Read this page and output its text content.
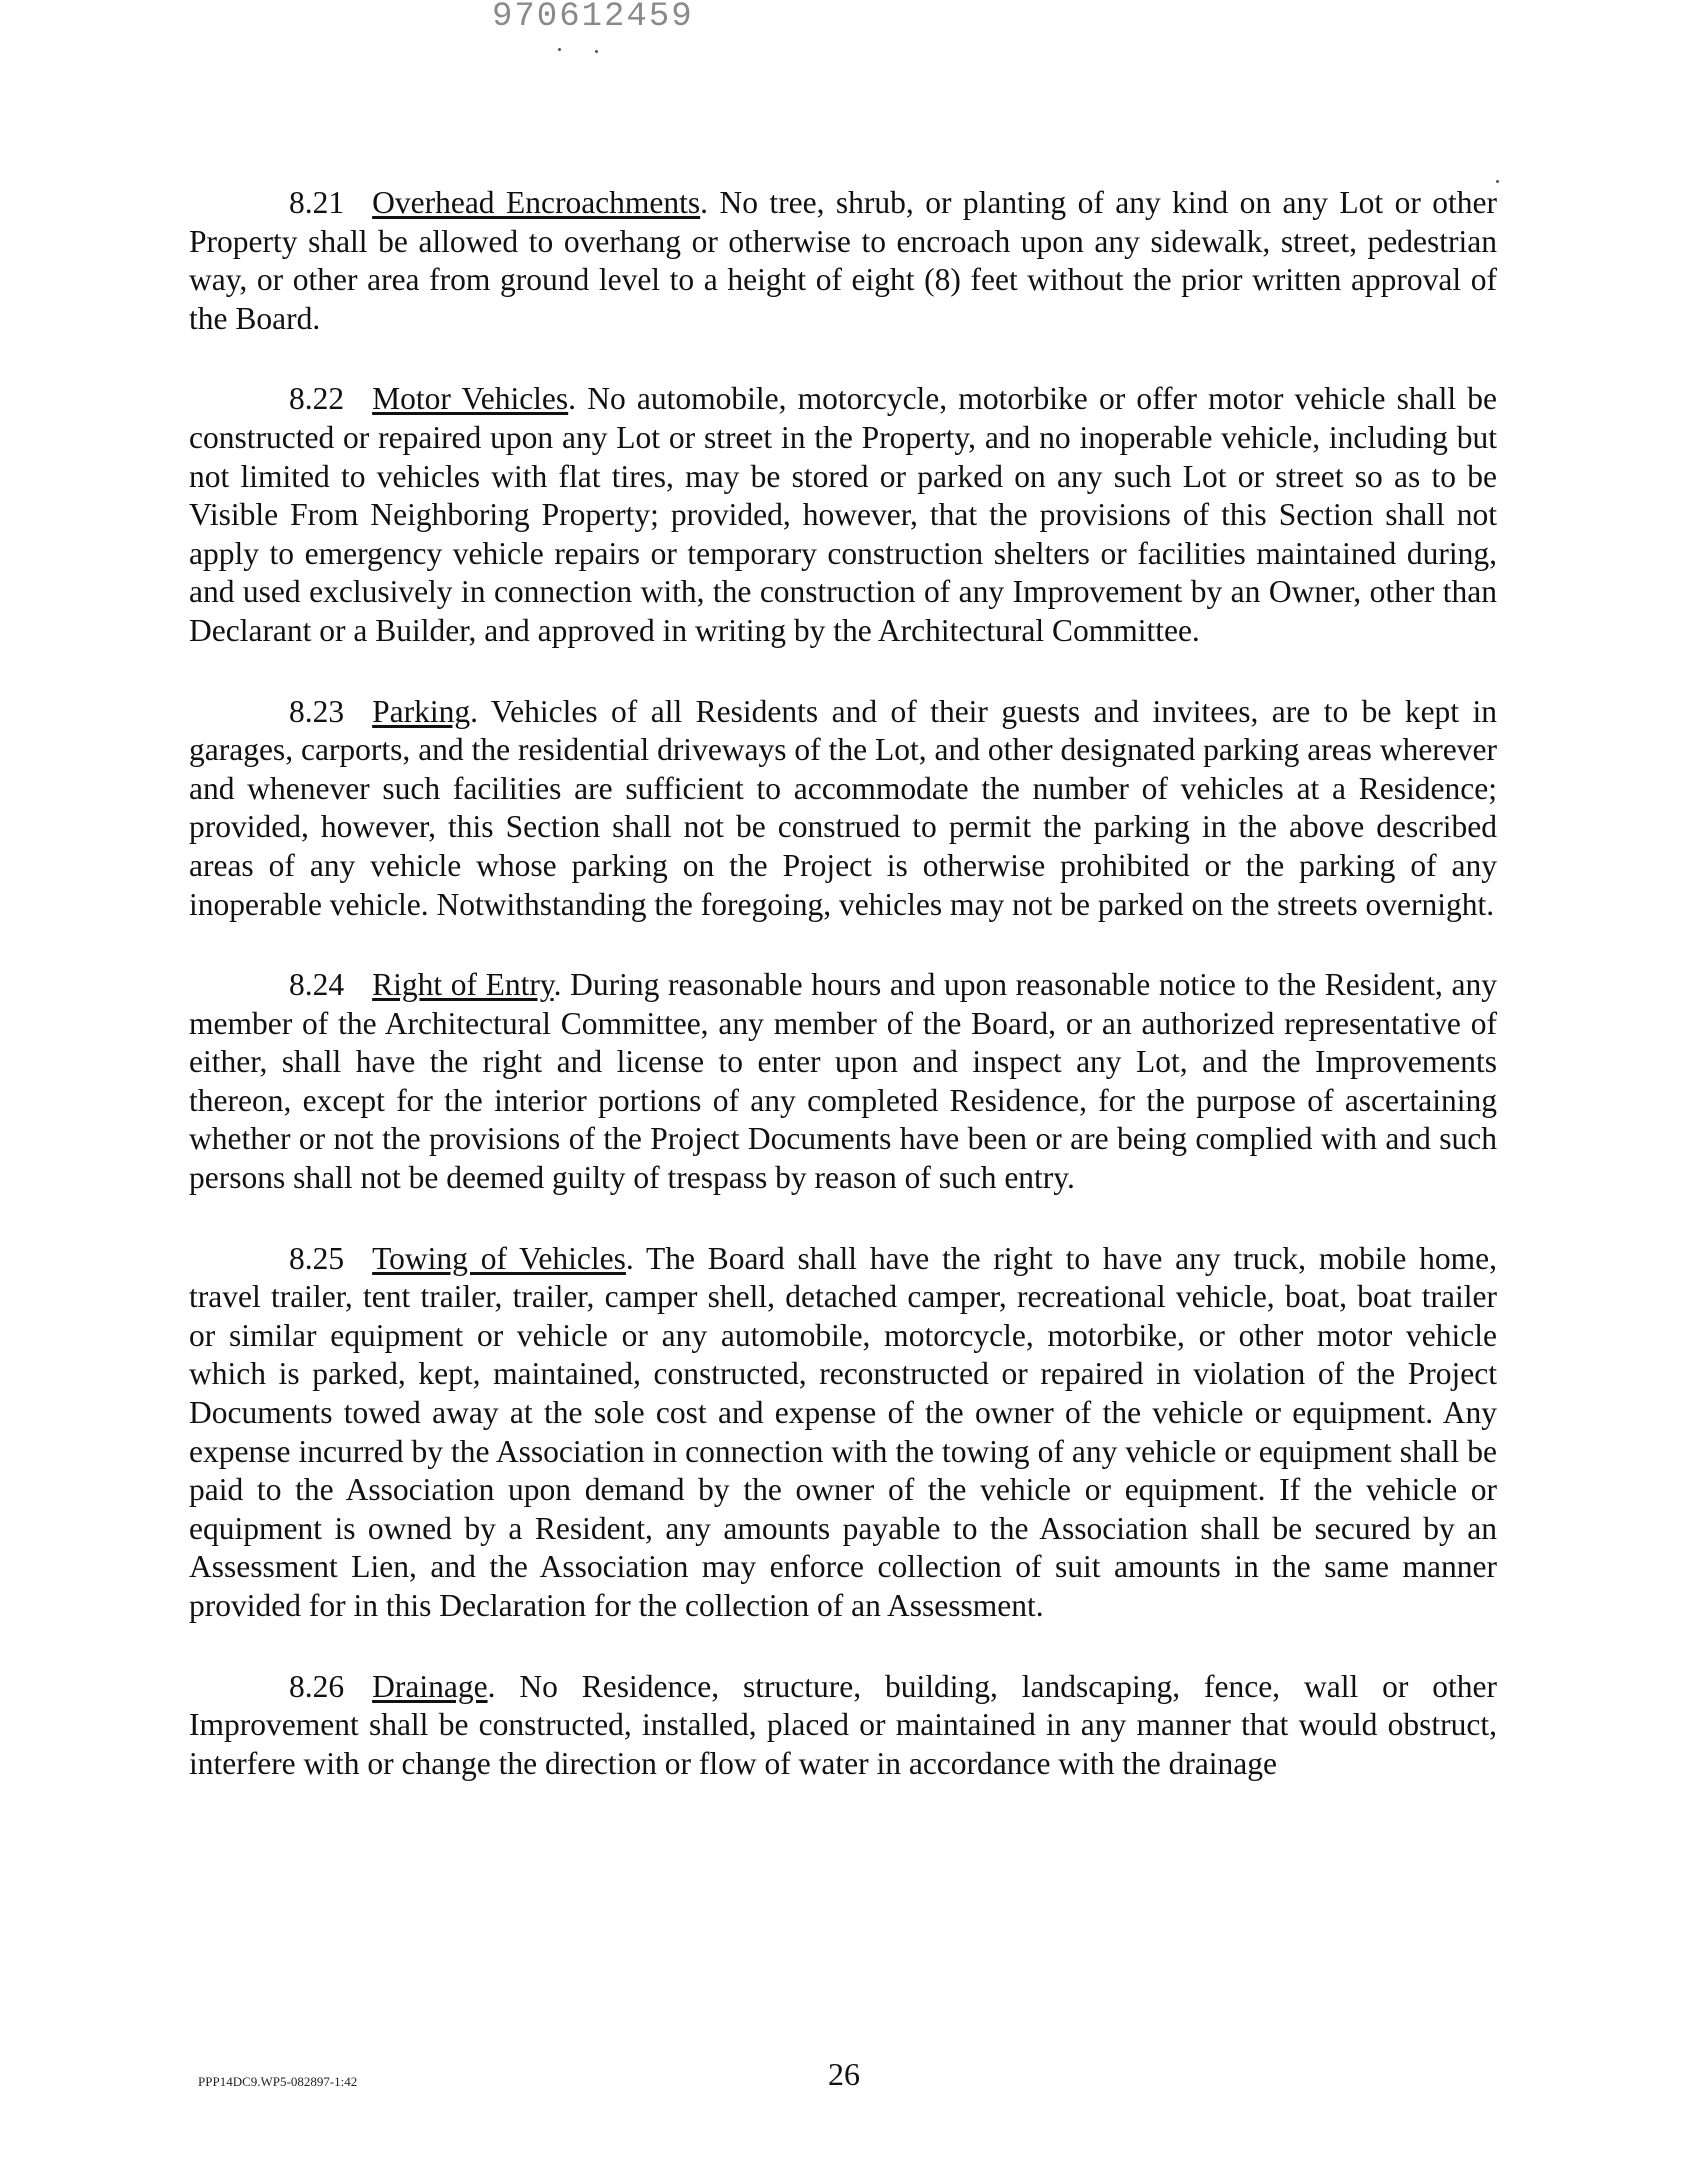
970612459

8.21 Overhead Encroachments. No tree, shrub, or planting of any kind on any Lot or other Property shall be allowed to overhang or otherwise to encroach upon any sidewalk, street, pedestrian way, or other area from ground level to a height of eight (8) feet without the prior written approval of the Board.

8.22 Motor Vehicles. No automobile, motorcycle, motorbike or offer motor vehicle shall be constructed or repaired upon any Lot or street in the Property, and no inoperable vehicle, including but not limited to vehicles with flat tires, may be stored or parked on any such Lot or street so as to be Visible From Neighboring Property; provided, however, that the provisions of this Section shall not apply to emergency vehicle repairs or temporary construction shelters or facilities maintained during, and used exclusively in connection with, the construction of any Improvement by an Owner, other than Declarant or a Builder, and approved in writing by the Architectural Committee.

8.23 Parking. Vehicles of all Residents and of their guests and invitees, are to be kept in garages, carports, and the residential driveways of the Lot, and other designated parking areas wherever and whenever such facilities are sufficient to accommodate the number of vehicles at a Residence; provided, however, this Section shall not be construed to permit the parking in the above described areas of any vehicle whose parking on the Project is otherwise prohibited or the parking of any inoperable vehicle. Notwithstanding the foregoing, vehicles may not be parked on the streets overnight.

8.24 Right of Entry. During reasonable hours and upon reasonable notice to the Resident, any member of the Architectural Committee, any member of the Board, or an authorized representative of either, shall have the right and license to enter upon and inspect any Lot, and the Improvements thereon, except for the interior portions of any completed Residence, for the purpose of ascertaining whether or not the provisions of the Project Documents have been or are being complied with and such persons shall not be deemed guilty of trespass by reason of such entry.

8.25 Towing of Vehicles. The Board shall have the right to have any truck, mobile home, travel trailer, tent trailer, trailer, camper shell, detached camper, recreational vehicle, boat, boat trailer or similar equipment or vehicle or any automobile, motorcycle, motorbike, or other motor vehicle which is parked, kept, maintained, constructed, reconstructed or repaired in violation of the Project Documents towed away at the sole cost and expense of the owner of the vehicle or equipment. Any expense incurred by the Association in connection with the towing of any vehicle or equipment shall be paid to the Association upon demand by the owner of the vehicle or equipment. If the vehicle or equipment is owned by a Resident, any amounts payable to the Association shall be secured by an Assessment Lien, and the Association may enforce collection of suit amounts in the same manner provided for in this Declaration for the collection of an Assessment.

8.26 Drainage. No Residence, structure, building, landscaping, fence, wall or other Improvement shall be constructed, installed, placed or maintained in any manner that would obstruct, interfere with or change the direction or flow of water in accordance with the drainage

PPP14DC9.WP5-082897-1:42	26
